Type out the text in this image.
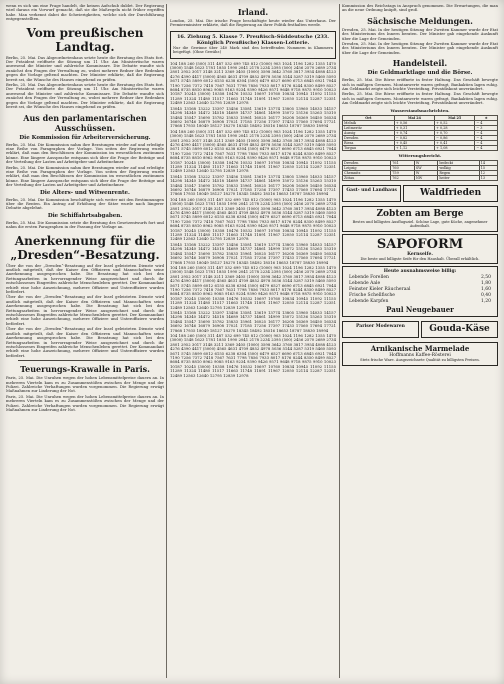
wenn es sich um eine Frage handelt, die keinen Aufschub duldet. Der Regierung wird daraus ein Vorwurf gemacht, daß sie die Maßregeln nicht früher ergriffen habe. Man verkennt dabei die Schwierigkeiten, welche sich der Durchführung entgegenstellten.

Vom preußischen Landtag.

Berlin, 25. Mai. Das Abgeordnetenhaus setzte heute die Beratung des Etats fort. Der Präsident eröffnete die Sitzung um 11 Uhr. Am Ministertische waren anwesend die Minister und zahlreiche Kommissare. Die Debatte wandte sich zunächst den Fragen der Verwaltung zu, wobei mehrere Redner ihre Bedenken gegen die Vorlage geltend machten. Der Minister erklärte, daß die Regierung bereit sei, die Wünsche des Hauses eingehend zu prüfen.

Berlin, 25. Mai. Das Abgeordnetenhaus setzte heute die Beratung des Etats fort. Der Präsident eröffnete die Sitzung um 11 Uhr. Am Ministertische waren anwesend die Minister und zahlreiche Kommissare. Die Debatte wandte sich zunächst den Fragen der Verwaltung zu, wobei mehrere Redner ihre Bedenken gegen die Vorlage geltend machten. Der Minister erklärte, daß die Regierung bereit sei, die Wünsche des Hauses eingehend zu prüfen.

Aus den parlamentarischen Ausschüssen.
Die Kommission für Arbeiterversicherung.

Berlin, 25. Mai. Die Kommission nahm ihre Beratungen wieder auf und erledigte eine Reihe von Paragraphen der Vorlage. Von seiten der Regierung wurde erklärt, daß man den Beschlüssen der Kommission im wesentlichen zustimmen könne. Eine längere Aussprache entspann sich über die Frage der Beiträge und der Verteilung der Lasten auf Arbeitgeber und Arbeitnehmer.

Berlin, 25. Mai. Die Kommission nahm ihre Beratungen wieder auf und erledigte eine Reihe von Paragraphen der Vorlage. Von seiten der Regierung wurde erklärt, daß man den Beschlüssen der Kommission im wesentlichen zustimmen könne. Eine längere Aussprache entspann sich über die Frage der Beiträge und der Verteilung der Lasten auf Arbeitgeber und Arbeitnehmer.

Die Alters- und Witwenrente.

Berlin, 25. Mai. Die Kommission beschäftigte sich weiter mit den Bestimmungen über die Renten. Ein Antrag auf Erhöhung der Sätze wurde nach längerer Debatte abgelehnt.

Die Schiffahrtsabgaben.

Berlin, 25. Mai. Die Kommission setzte die Beratung des Gesetzentwurfs fort und nahm die ersten Paragraphen in der Fassung der Vorlage an.

Anerkennung für die „Dresden“-Besatzung.

Über die von der „Dresden“-Besatzung auf der Insel geleisteten Dienste wird amtlich mitgeteilt, daß der Kaiser den Offizieren und Mannschaften seine Anerkennung ausgesprochen habe. Die Besatzung hat sich bei den Rettungsarbeiten in hervorragender Weise ausgezeichnet und durch ihr entschlossenes Eingreifen zahlreiche Menschenleben gerettet. Der Kommandant erhielt eine hohe Auszeichnung, mehrere Offiziere und Unteroffiziere wurden befördert.

Über die von der „Dresden“-Besatzung auf der Insel geleisteten Dienste wird amtlich mitgeteilt, daß der Kaiser den Offizieren und Mannschaften seine Anerkennung ausgesprochen habe. Die Besatzung hat sich bei den Rettungsarbeiten in hervorragender Weise ausgezeichnet und durch ihr entschlossenes Eingreifen zahlreiche Menschenleben gerettet. Der Kommandant erhielt eine hohe Auszeichnung, mehrere Offiziere und Unteroffiziere wurden befördert.

Über die von der „Dresden“-Besatzung auf der Insel geleisteten Dienste wird amtlich mitgeteilt, daß der Kaiser den Offizieren und Mannschaften seine Anerkennung ausgesprochen habe. Die Besatzung hat sich bei den Rettungsarbeiten in hervorragender Weise ausgezeichnet und durch ihr entschlossenes Eingreifen zahlreiche Menschenleben gerettet. Der Kommandant erhielt eine hohe Auszeichnung, mehrere Offiziere und Unteroffiziere wurden befördert.

Teuerungs-Krawalle in Paris.

Paris, 25. Mai. Die Unruhen wegen der hohen Lebensmittelpreise dauern an. In mehreren Vierteln kam es zu Zusammenstößen zwischen der Menge und der Polizei. Zahlreiche Verhaftungen wurden vorgenommen. Die Regierung erwägt Maßnahmen zur Linderung der Not.

Paris, 25. Mai. Die Unruhen wegen der hohen Lebensmittelpreise dauern an. In mehreren Vierteln kam es zu Zusammenstößen zwischen der Menge und der Polizei. Zahlreiche Verhaftungen wurden vorgenommen. Die Regierung erwägt Maßnahmen zur Linderung der Not.

Irland.

London, 25. Mai. Die irische Frage beschäftigte heute wieder das Unterhaus. Der Premierminister erklärte, daß die Regierung an ihrer Politik festhalten werde.

16. Ziehung 5. Klasse 7. Preußisch-Süddeutsche (233. Königlich Preußische) Klassen-Lotterie.

Nur die Gewinne über 240 Mark sind den betreffenden Nummern in Klammern beigefügt. (Ohne Gewähr.)

104 188 260 (500) 311 487 532 699 745 812 (1000) 903 1024 1196 1282 1355 1470 (3000) 1548 1623 1781 1855 1990 2041 2178 2234 2395 (500) 2456 2570 2689 2734 2801 2952 3017 3148 3211 3369 3405 (1000) 3598 3642 3760 3817 3954 4088 4123 4276 4390 4417 (5000) 4565 4631 4709 4852 4978 5036 5144 5287 5319 5460 5593 5671 5745 5899 6012 6155 6238 6304 (500) 6479 6527 6690 6713 6845 6921 7044 7190 7256 7372 7418 7567 7631 7798 7856 7933 8017 8176 8244 8350 8499 8527 8684 8735 8810 8962 9085 9163 9234 9390 9426 9571 9648 9718 9875 9910 10023 10187 10245 (3000) 10358 10476 10532 10697 10760 10834 10945 11092 11155 11289 11324 11480 11517 11663 11748 11891 11967 12050 12114 12287 12351 12489 12563 12640 12795 12839 12978

13045 13168 13222 13397 13456 13581 13619 13774 13805 13960 14033 14157 14298 14340 14472 14518 14689 14737 14861 14999 15072 15136 15263 15310 15484 15547 15690 15782 15833 15961 16025 16177 16208 16369 16450 16534 16692 16746 16879 16908 17021 17185 17256 17397 17433 17560 17694 17721 17868 17935 18049 18127 18270 18345 18492 18516 18653 18787 18830 18994

104 188 260 (500) 311 487 532 699 745 812 (1000) 903 1024 1196 1282 1355 1470 (3000) 1548 1623 1781 1855 1990 2041 2178 2234 2395 (500) 2456 2570 2689 2734 2801 2952 3017 3148 3211 3369 3405 (1000) 3598 3642 3760 3817 3954 4088 4123 4276 4390 4417 (5000) 4565 4631 4709 4852 4978 5036 5144 5287 5319 5460 5593 5671 5745 5899 6012 6155 6238 6304 (500) 6479 6527 6690 6713 6845 6921 7044 7190 7256 7372 7418 7567 7631 7798 7856 7933 8017 8176 8244 8350 8499 8527 8684 8735 8810 8962 9085 9163 9234 9390 9426 9571 9648 9718 9875 9910 10023 10187 10245 (3000) 10358 10476 10532 10697 10760 10834 10945 11092 11155 11289 11324 11480 11517 11663 11748 11891 11967 12050 12114 12287 12351 12489 12563 12640 12795 12839 12978

13045 13168 13222 13397 13456 13581 13619 13774 13805 13960 14033 14157 14298 14340 14472 14518 14689 14737 14861 14999 15072 15136 15263 15310 15484 15547 15690 15782 15833 15961 16025 16177 16208 16369 16450 16534 16692 16746 16879 16908 17021 17185 17256 17397 17433 17560 17694 17721 17868 17935 18049 18127 18270 18345 18492 18516 18653 18787 18830 18994

104 188 260 (500) 311 487 532 699 745 812 (1000) 903 1024 1196 1282 1355 1470 (3000) 1548 1623 1781 1855 1990 2041 2178 2234 2395 (500) 2456 2570 2689 2734 2801 2952 3017 3148 3211 3369 3405 (1000) 3598 3642 3760 3817 3954 4088 4123 4276 4390 4417 (5000) 4565 4631 4709 4852 4978 5036 5144 5287 5319 5460 5593 5671 5745 5899 6012 6155 6238 6304 (500) 6479 6527 6690 6713 6845 6921 7044 7190 7256 7372 7418 7567 7631 7798 7856 7933 8017 8176 8244 8350 8499 8527 8684 8735 8810 8962 9085 9163 9234 9390 9426 9571 9648 9718 9875 9910 10023 10187 10245 (3000) 10358 10476 10532 10697 10760 10834 10945 11092 11155 11289 11324 11480 11517 11663 11748 11891 11967 12050 12114 12287 12351 12489 12563 12640 12795 12839 12978

13045 13168 13222 13397 13456 13581 13619 13774 13805 13960 14033 14157 14298 14340 14472 14518 14689 14737 14861 14999 15072 15136 15263 15310 15484 15547 15690 15782 15833 15961 16025 16177 16208 16369 16450 16534 16692 16746 16879 16908 17021 17185 17256 17397 17433 17560 17694 17721 17868 17935 18049 18127 18270 18345 18492 18516 18653 18787 18830 18994

104 188 260 (500) 311 487 532 699 745 812 (1000) 903 1024 1196 1282 1355 1470 (3000) 1548 1623 1781 1855 1990 2041 2178 2234 2395 (500) 2456 2570 2689 2734 2801 2952 3017 3148 3211 3369 3405 (1000) 3598 3642 3760 3817 3954 4088 4123 4276 4390 4417 (5000) 4565 4631 4709 4852 4978 5036 5144 5287 5319 5460 5593 5671 5745 5899 6012 6155 6238 6304 (500) 6479 6527 6690 6713 6845 6921 7044 7190 7256 7372 7418 7567 7631 7798 7856 7933 8017 8176 8244 8350 8499 8527 8684 8735 8810 8962 9085 9163 9234 9390 9426 9571 9648 9718 9875 9910 10023 10187 10245 (3000) 10358 10476 10532 10697 10760 10834 10945 11092 11155 11289 11324 11480 11517 11663 11748 11891 11967 12050 12114 12287 12351 12489 12563 12640 12795 12839 12978

13045 13168 13222 13397 13456 13581 13619 13774 13805 13960 14033 14157 14298 14340 14472 14518 14689 14737 14861 14999 15072 15136 15263 15310 15484 15547 15690 15782 15833 15961 16025 16177 16208 16369 16450 16534 16692 16746 16879 16908 17021 17185 17256 17397 17433 17560 17694 17721 17868 17935 18049 18127 18270 18345 18492 18516 18653 18787 18830 18994

104 188 260 (500) 311 487 532 699 745 812 (1000) 903 1024 1196 1282 1355 1470 (3000) 1548 1623 1781 1855 1990 2041 2178 2234 2395 (500) 2456 2570 2689 2734 2801 2952 3017 3148 3211 3369 3405 (1000) 3598 3642 3760 3817 3954 4088 4123 4276 4390 4417 (5000) 4565 4631 4709 4852 4978 5036 5144 5287 5319 5460 5593 5671 5745 5899 6012 6155 6238 6304 (500) 6479 6527 6690 6713 6845 6921 7044 7190 7256 7372 7418 7567 7631 7798 7856 7933 8017 8176 8244 8350 8499 8527 8684 8735 8810 8962 9085 9163 9234 9390 9426 9571 9648 9718 9875 9910 10023 10187 10245 (3000) 10358 10476 10532 10697 10760 10834 10945 11092 11155 11289 11324 11480 11517 11663 11748 11891 11967 12050 12114 12287 12351 12489 12563 12640 12795 12839 12978

Kommission des Reichstags in Anspruch genommen. Die Erwartungen, die man an die neue Ordnung knüpft, sind groß.

Sächsische Meldungen.

Dresden, 25. Mai. In der heutigen Sitzung der Zweiten Kammer wurde der Etat des Ministeriums des Innern beraten. Der Minister gab eingehende Auskunft über die Lage der Gemeinden.

Dresden, 25. Mai. In der heutigen Sitzung der Zweiten Kammer wurde der Etat des Ministeriums des Innern beraten. Der Minister gab eingehende Auskunft über die Lage der Gemeinden.

Handelsteil.
Die Geldmarktlage und die Börse.

Berlin, 25. Mai. Die Börse eröffnete in fester Haltung. Das Geschäft bewegte sich in mäßigen Grenzen. Montanwerte waren gefragt, Bankaktien lagen ruhig. Am Geldmarkt zeigte sich leichte Versteifung, Privatdiskont unverändert.

Berlin, 25. Mai. Die Börse eröffnete in fester Haltung. Das Geschäft bewegte sich in mäßigen Grenzen. Montanwerte waren gefragt, Bankaktien lagen ruhig. Am Geldmarkt zeigte sich leichte Versteifung, Privatdiskont unverändert.

Wasserstandsnachrichten.
Ort	Mai 24	Mai 25	±
Melnik	+ 0,56	+ 0,52	− 4
Leitmeritz	+ 0,31	+ 0,28	− 3
Aussig	+ 0,74	+ 0,70	− 4
Dresden	− 0,82	− 0,86	− 4
Riesa	+ 0,45	+ 0,41	− 4
Torgau	+ 1,12	+ 1,08	− 4
Witterungsbericht.
Dresden	761	W	bedeckt	14
Leipzig	760	SW	wolkig	15
Chemnitz	759	W	Regen	12
Zittau	762	NW	heiter	13
Gast- und Landhaus	Waldfrieden
Zobten am Berge
Bestes und billigstes Ausflugsziel. Schöne Lage, gute Küche, angenehmer Aufenthalt.
SAPOFORM
Kernseife.
Die beste und billigste Seife für den Haushalt. Überall erhältlich.
Heute ausnahmsweise billig:
Lebende Forellen	2,50
Lebende Aale	1,80
Feinster Kieler Räucheraal	1,60
Frische Schellfische	0,40
Lebende Karpfen	1,20
Paul Neugebauer
Pariser Modewaren	Gouda-Käse
Arnikanische Marmelade
Hoffmanns Kaffee-Rösterei
Stets frische Ware. Ausgezeichnete Qualität zu billigsten Preisen.
